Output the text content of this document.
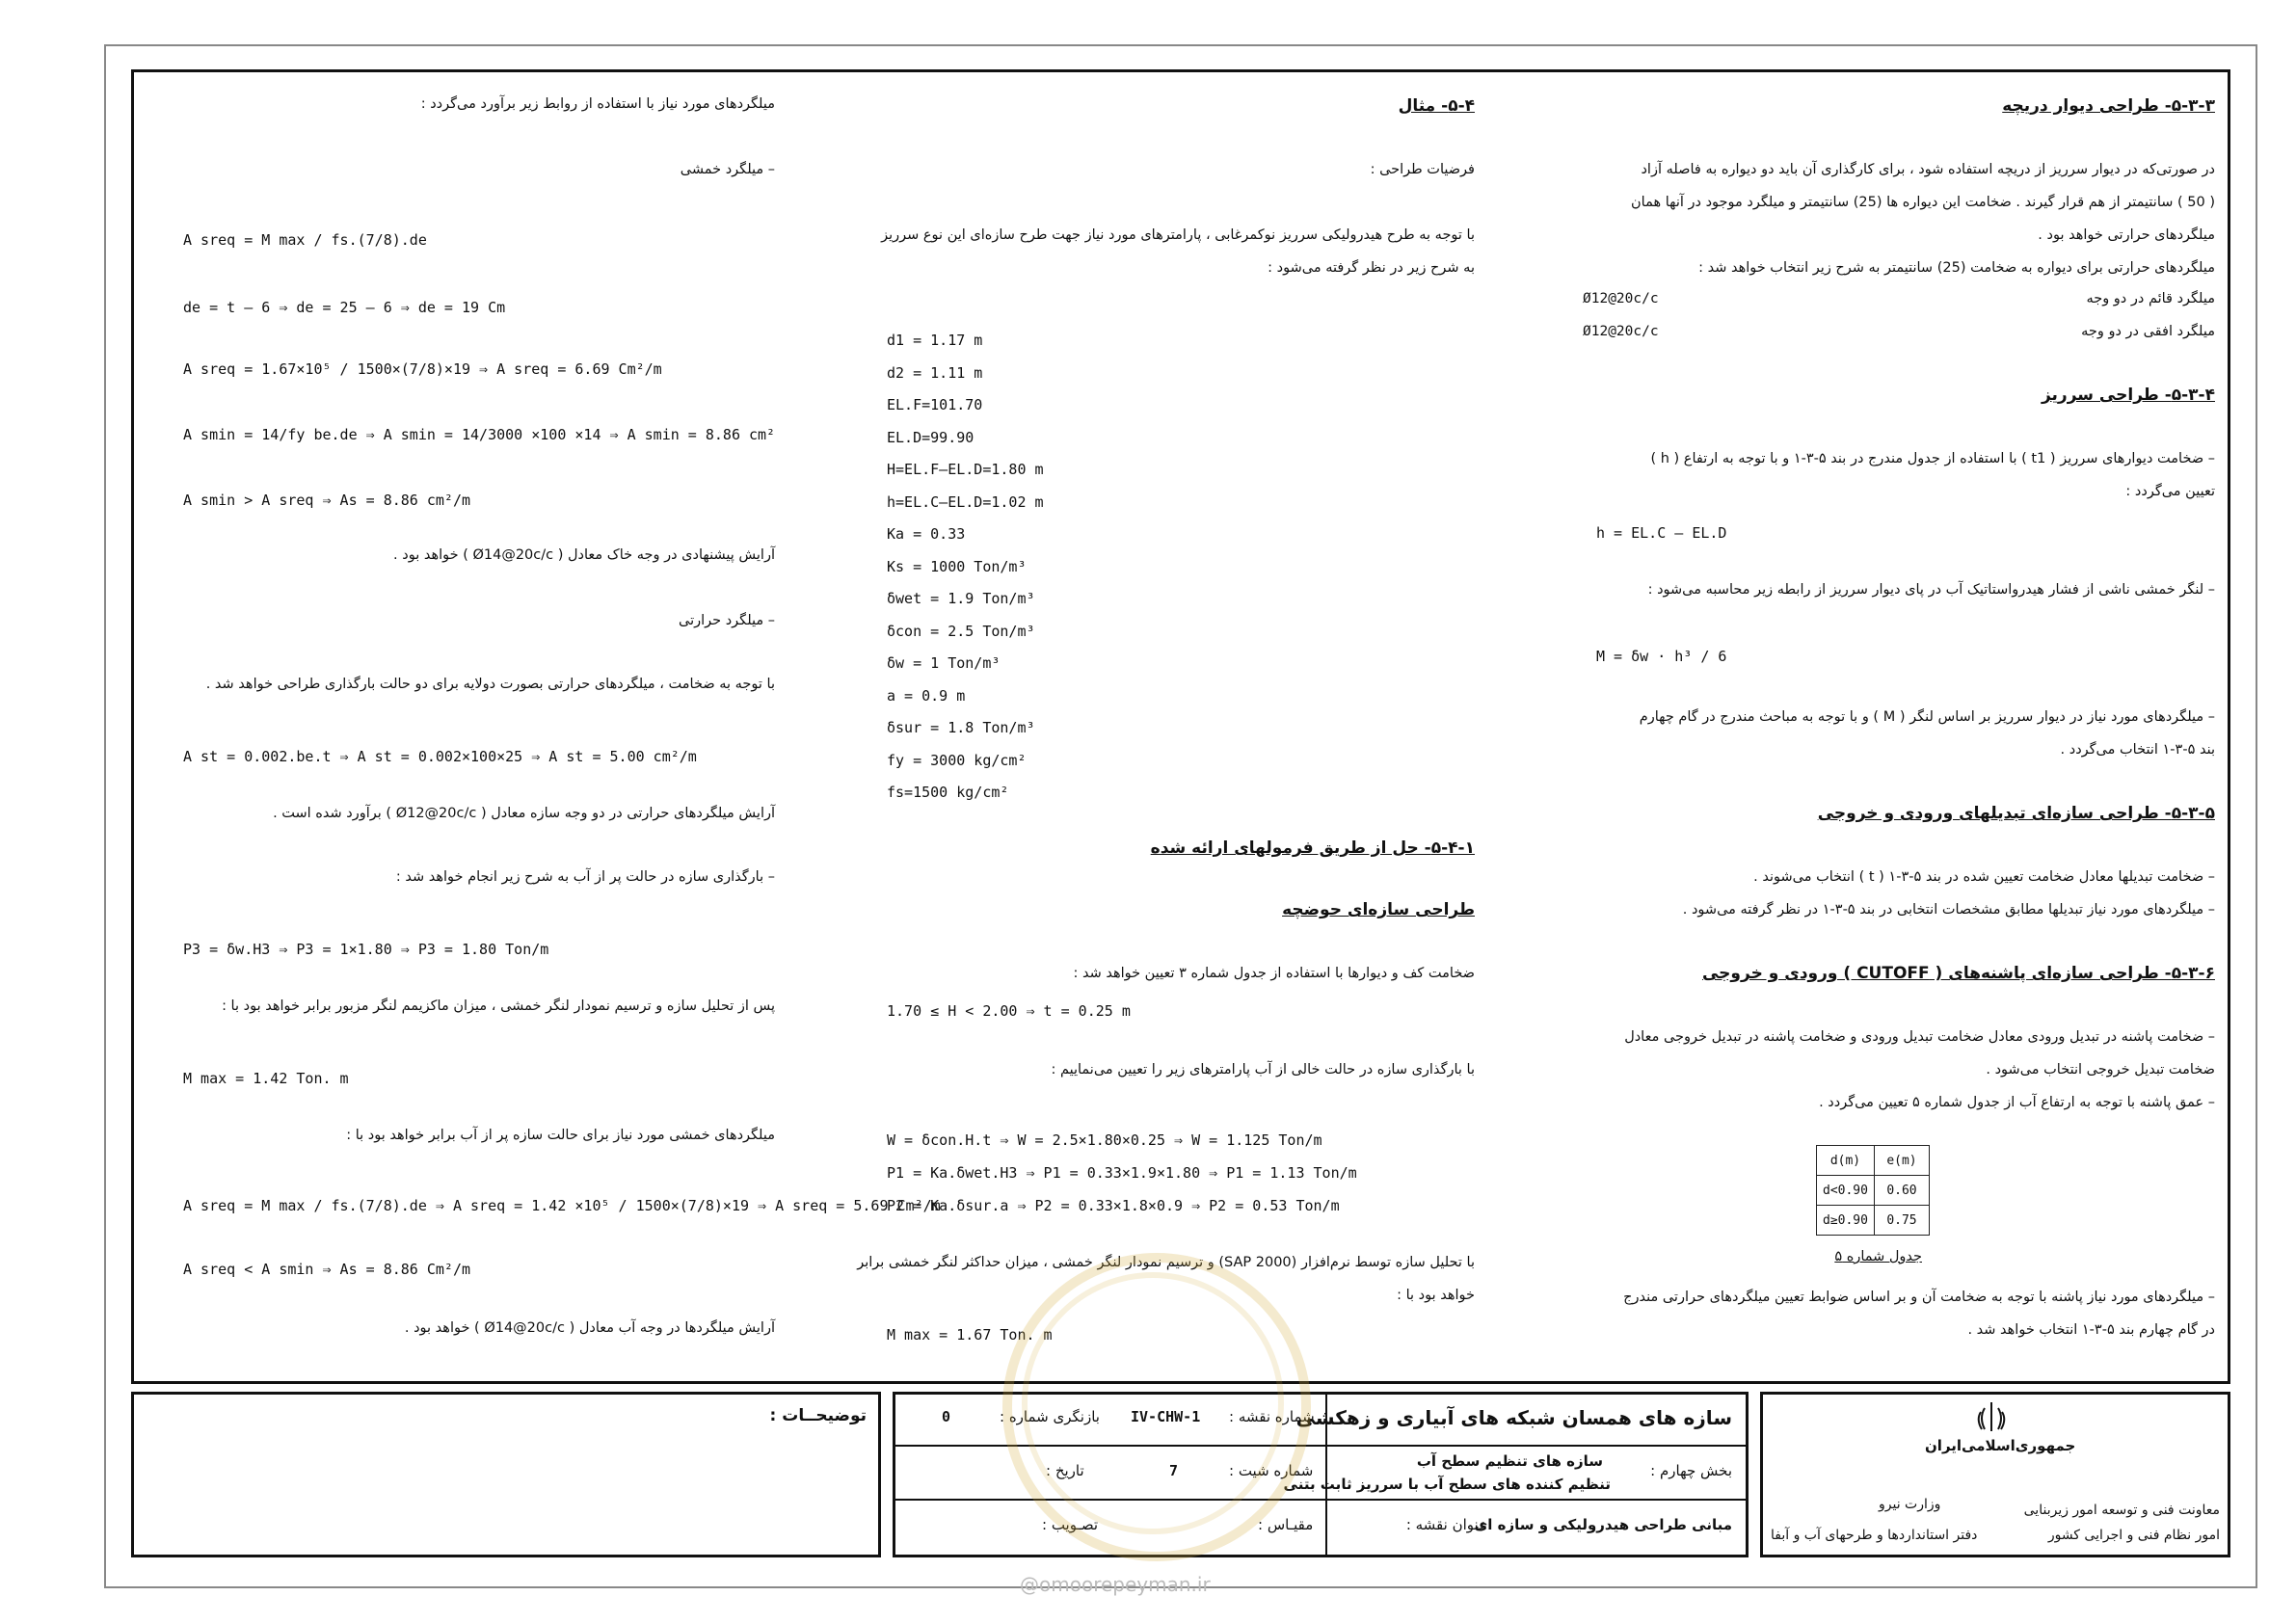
۵-۳-۳- طراحی دیوار دریچه
در صورتی‌که در دیوار سرریز از دریچه استفاده شود ، برای کارگذاری آن باید دو دیواره به فاصله آزاد
( 50 ) سانتیمتر از هم قرار گیرند . ضخامت این دیواره ها (25) سانتیمتر و میلگرد موجود در آنها همان
میلگردهای حرارتی خواهد بود .
میلگردهای حرارتی برای دیواره به ضخامت (25) سانتیمتر به شرح زیر انتخاب خواهد شد :
میلگرد قائم در دو وجه
Ø12@20c/c
میلگرد افقی در دو وجه
Ø12@20c/c
۵-۳-۴- طراحی سرریز
– ضخامت دیوارهای سرریز ( t1 ) با استفاده از جدول مندرج در بند ۵-۳-۱ و با توجه به ارتفاع ( h )
تعیین می‌گردد :
h = EL.C – EL.D
– لنگر خمشی ناشی از فشار هیدرواستاتیک آب در پای دیوار سرریز از رابطه زیر محاسبه می‌شود :
M = δw · h³ / 6
– میلگردهای مورد نیاز در دیوار سرریز بر اساس لنگر ( M ) و با توجه به مباحث مندرج در گام چهارم
بند ۵-۳-۱ انتخاب می‌گردد .
۵-۳-۵- طراحی سازه‌ای تبدیلهای ورودی و خروجی
– ضخامت تبدیلها معادل ضخامت تعیین شده در بند ۵-۳-۱ ( t ) انتخاب می‌شوند .
– میلگردهای مورد نیاز تبدیلها مطابق مشخصات انتخابی در بند ۵-۳-۱ در نظر گرفته می‌شود .
۵-۳-۶- طراحی سازه‌ای پاشنه‌های ( CUTOFF ) ورودی و خروجی
– ضخامت پاشنه در تبدیل ورودی معادل ضخامت تبدیل ورودی و ضخامت پاشنه در تبدیل خروجی معادل
ضخامت تبدیل خروجی انتخاب می‌شود .
– عمق پاشنه با توجه به ارتفاع آب از جدول شماره ۵ تعیین می‌گردد .
d(m)	e(m)
d<0.90	0.60
d≥0.90	0.75
جدول شماره ۵
– میلگردهای مورد نیاز پاشنه با توجه به ضخامت آن و بر اساس ضوابط تعیین میلگردهای حرارتی مندرج
در گام چهارم بند ۵-۳-۱ انتخاب خواهد شد .
۵-۴- مثال
فرضیات طراحی :
با توجه به طرح هیدرولیکی سرریز نوکمرغابی ، پارامترهای مورد نیاز جهت طرح سازه‌ای این نوع سرریز
به شرح زیر در نظر گرفته می‌شود :
d1 = 1.17 m
d2 = 1.11 m
EL.F=101.70
EL.D=99.90
H=EL.F–EL.D=1.80 m
h=EL.C–EL.D=1.02 m
Ka = 0.33
Ks = 1000 Ton/m³
δwet = 1.9 Ton/m³
δcon = 2.5 Ton/m³
δw = 1 Ton/m³
a = 0.9 m
δsur = 1.8 Ton/m³
fy = 3000 kg/cm²
fs=1500 kg/cm²
۵-۴-۱- حل از طریق فرمولهای ارائه شده
طراحی سازه‌ای حوضچه
ضخامت کف و دیوارها با استفاده از جدول شماره ۳ تعیین خواهد شد :
1.70 ≤ H < 2.00 ⇒ t = 0.25 m
با بارگذاری سازه در حالت خالی از آب پارامترهای زیر را تعیین می‌نماییم :
W = δcon.H.t ⇒ W = 2.5×1.80×0.25 ⇒ W = 1.125 Ton/m
P1 = Ka.δwet.H3 ⇒ P1 = 0.33×1.9×1.80 ⇒ P1 = 1.13 Ton/m
P2 = Ka.δsur.a ⇒ P2 = 0.33×1.8×0.9 ⇒ P2 = 0.53 Ton/m
با تحلیل سازه توسط نرم‌افزار (SAP 2000) و ترسیم نمودار لنگر خمشی ، میزان حداکثر لنگر خمشی برابر
خواهد بود با :
M max = 1.67 Ton. m
میلگردهای مورد نیاز با استفاده از روابط زیر برآورد می‌گردد :
– میلگرد خمشی
A sreq = M max / fs.(7/8).de
de = t – 6 ⇒ de = 25 – 6 ⇒ de = 19 Cm
A sreq = 1.67×10⁵ / 1500×(7/8)×19 ⇒ A sreq = 6.69 Cm²/m
A smin = 14/fy be.de ⇒ A smin = 14/3000 ×100 ×14 ⇒ A smin = 8.86 cm²
A smin > A sreq ⇒ As = 8.86 cm²/m
آرایش پیشنهادی در وجه خاک معادل ( Ø14@20c/c ) خواهد بود .
– میلگرد حرارتی
با توجه به ضخامت ، میلگردهای حرارتی بصورت دولایه برای دو حالت بارگذاری طراحی خواهد شد .
A st = 0.002.be.t ⇒ A st = 0.002×100×25 ⇒ A st = 5.00 cm²/m
آرایش میلگردهای حرارتی در دو وجه سازه معادل ( Ø12@20c/c ) برآورد شده است .
– بارگذاری سازه در حالت پر از آب به شرح زیر انجام خواهد شد :
P3 = δw.H3 ⇒ P3 = 1×1.80 ⇒ P3 = 1.80 Ton/m
پس از تحلیل سازه و ترسیم نمودار لنگر خمشی ، میزان ماکزیمم لنگر مزبور برابر خواهد بود با :
M max = 1.42 Ton. m
میلگردهای خمشی مورد نیاز برای حالت سازه پر از آب برابر خواهد بود با :
A sreq = M max / fs.(7/8).de ⇒ A sreq = 1.42 ×10⁵ / 1500×(7/8)×19 ⇒ A sreq = 5.69 Cm²/m
A sreq < A smin ⇒ As = 8.86 Cm²/m
آرایش میلگردها در وجه آب معادل ( Ø14@20c/c ) خواهد بود .
توضیحــات :	سازه های همسان شبکه های آبیاری و زهکشی
بخش چهارم :
سازه های تنظیم سطح آب
تنظیم کننده های سطح آب با سرریز ثابت بتنی
عنوان نقشه :
مبانی طراحی هیدرولیکی و سازه ای
شماره نقشه :
IV-CHW-1
بازنگری شماره :
0
شماره شیت :
7
تاریخ :
مقیـاس :
تصـویب :
جمهوری‌اسلامی‌ایران
معاونت فنی و توسعه امور زیربنایی
امور نظام فنی و اجرایی کشور
وزارت نیرو
دفتر استانداردها و طرحهای آب و آبفا
@omoorepeyman.ir
